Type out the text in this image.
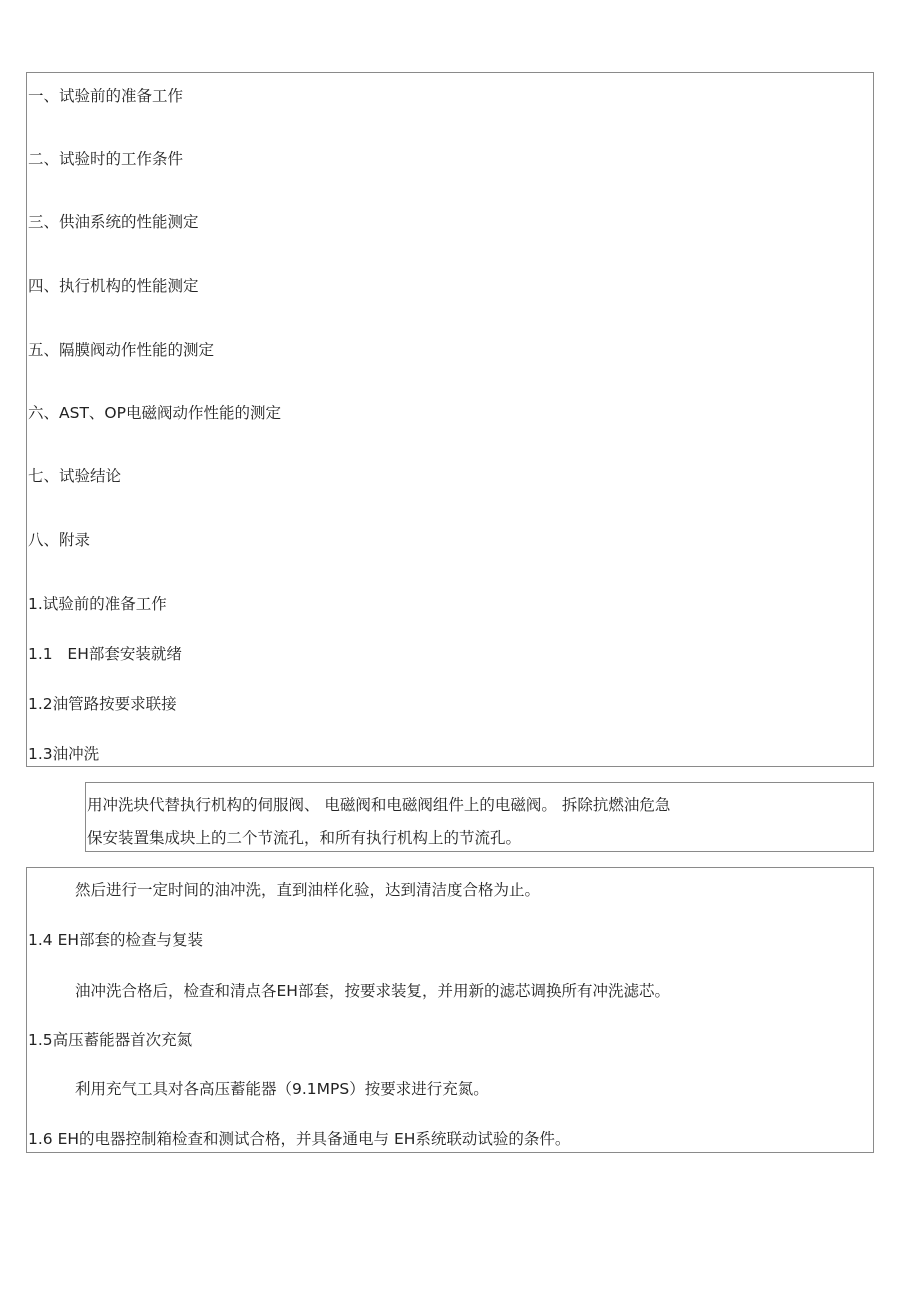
一、试验前的准备工作
二、试验时的工作条件
三、供油系统的性能测定
四、执行机构的性能测定
五、隔膜阀动作性能的测定
六、AST、OP电磁阀动作性能的测定
七、试验结论
八、附录
1.试验前的准备工作
1.1   EH部套安装就绪
1.2油管路按要求联接
1.3油冲洗
用冲洗块代替执行机构的伺服阀、 电磁阀和电磁阀组件上的电磁阀。 拆除抗燃油危急
保安装置集成块上的二个节流孔，和所有执行机构上的节流孔。
然后进行一定时间的油冲洗，直到油样化验，达到清洁度合格为止。
1.4 EH部套的检查与复装
油冲洗合格后，检查和清点各EH部套，按要求装复，并用新的滤芯调换所有冲洗滤芯。
1.5高压蓄能器首次充氮
利用充气工具对各高压蓄能器（9.1MPS）按要求进行充氮。
1.6 EH的电器控制箱检查和测试合格，并具备通电与 EH系统联动试验的条件。
